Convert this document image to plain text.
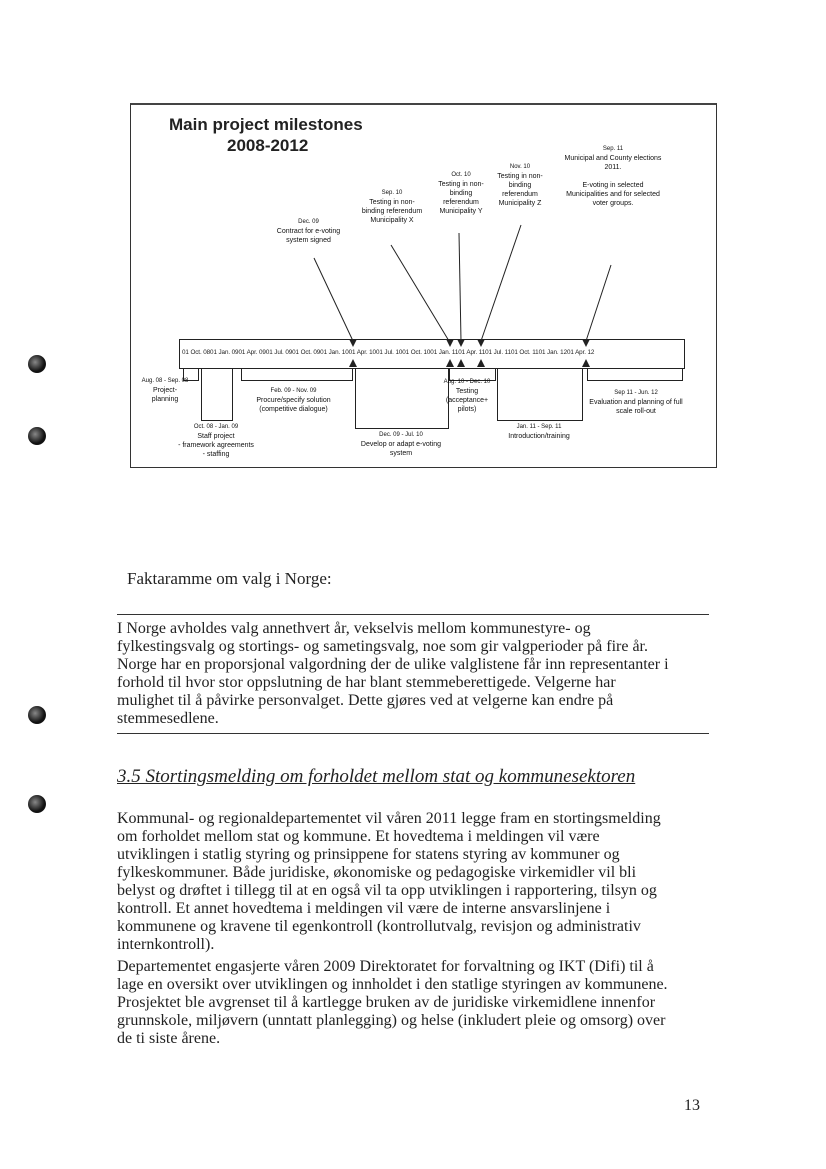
Main project milestones
2008-2012
Dec. 09
Contract for e-voting system signed
Sep. 10
Testing in non-binding referendum Municipality X
Oct. 10
Testing in non-binding referendum Municipality Y
Nov. 10
Testing in non-binding referendum Municipality Z
Sep. 11
Municipal and County elections 2011.

E-voting in selected Municipalities and for selected voter groups.
01 Oct. 0801 Jan. 0901 Apr. 0901 Jul. 0901 Oct. 0901 Jan. 1001 Apr. 1001 Jul. 1001 Oct. 1001 Jan. 1101 Apr. 1101 Jul. 1101 Oct. 1101 Jan. 1201 Apr. 12
Aug. 08 - Sep. 08
Project-planning
Oct. 08 - Jan. 09
Staff project
- framework agreements
- staffing
Feb. 09 - Nov. 09
Procure/specify solution (competitive dialogue)
Dec. 09 - Jul. 10
Develop or adapt e-voting system
Aug. 10 - Dec. 10
Testing (acceptance+ pilots)
Jan. 11 - Sep. 11
Introduction/training
Sep 11 - Jun. 12
Evaluation and planning of full scale roll-out
Faktaramme om valg i Norge:
I Norge avholdes valg annethvert år, vekselvis mellom kommunestyre- og
fylkestingsvalg og stortings- og sametingsvalg, noe som gir valgperioder på fire år.
Norge har en proporsjonal valgordning der de ulike valglistene får inn representanter i
forhold til hvor stor oppslutning de har blant stemmeberettigede. Velgerne har
mulighet til å påvirke personvalget. Dette gjøres ved at velgerne kan endre på
stemmesedlene.
3.5 Stortingsmelding om forholdet mellom stat og kommunesektoren
Kommunal- og regionaldepartementet vil våren 2011 legge fram en stortingsmelding
om forholdet mellom stat og kommune. Et hovedtema i meldingen vil være
utviklingen i statlig styring og prinsippene for statens styring av kommuner og
fylkeskommuner. Både juridiske, økonomiske og pedagogiske virkemidler vil bli
belyst og drøftet i tillegg til at en også vil ta opp utviklingen i rapportering, tilsyn og
kontroll. Et annet hovedtema i meldingen vil være de interne ansvarslinjene i
kommunene og kravene til egenkontroll (kontrollutvalg, revisjon og administrativ
internkontroll).
Departementet engasjerte våren 2009 Direktoratet for forvaltning og IKT (Difi) til å
lage en oversikt over utviklingen og innholdet i den statlige styringen av kommunene.
Prosjektet ble avgrenset til å kartlegge bruken av de juridiske virkemidlene innenfor
grunnskole, miljøvern (unntatt planlegging) og helse (inkludert pleie og omsorg) over
de ti siste årene.
13
